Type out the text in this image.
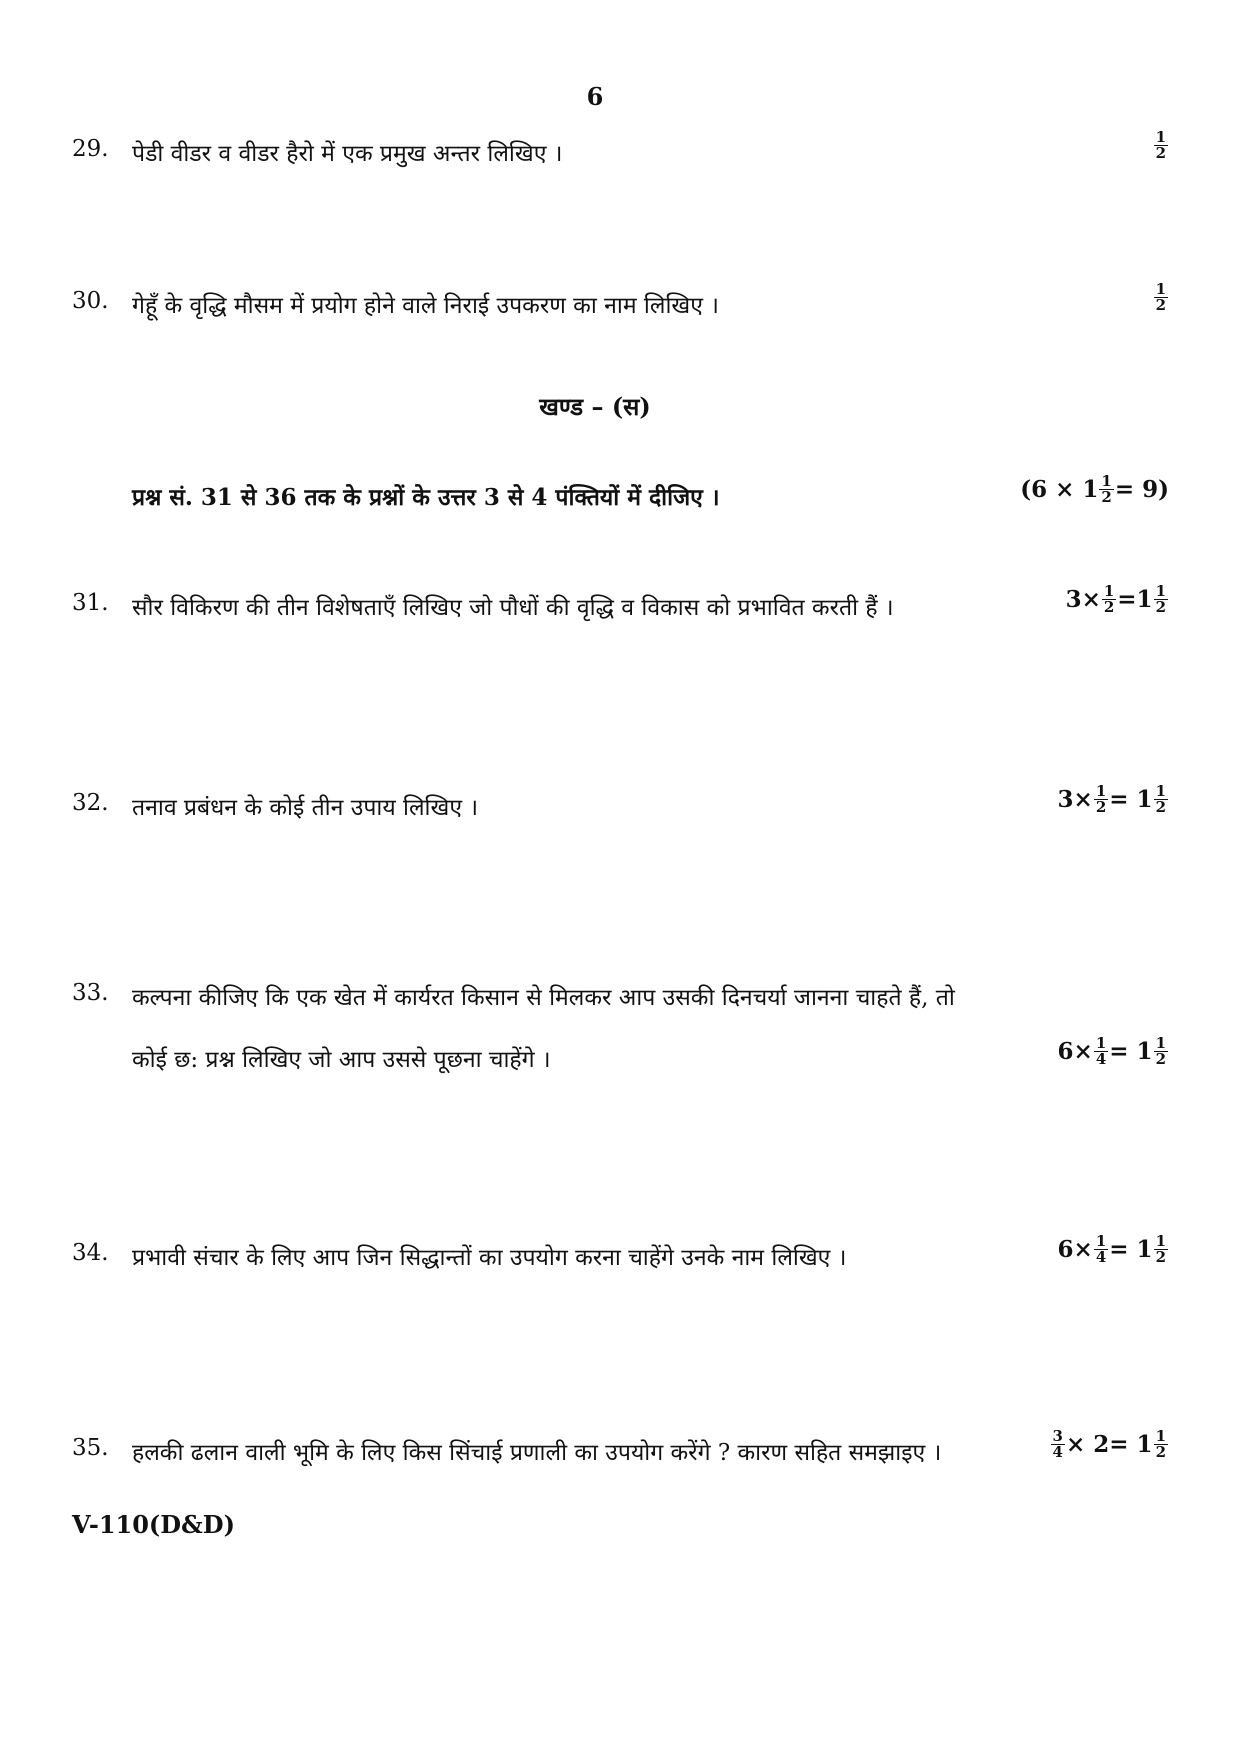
6
29. पेडी वीडर व वीडर हैरो में एक प्रमुख अन्तर लिखिए ।	$\frac{1}{2}$
30. गेहूँ के वृद्धि मौसम में प्रयोग होने वाले निराई उपकरण का नाम लिखिए ।	$\frac{1}{2}$
खण्ड – (स)
प्रश्न सं. 31 से 36 तक के प्रश्नों के उत्तर 3 से 4 पंक्तियों में दीजिए ।	$(6 \times 1 \frac{1}{2} = 9)$
31. सौर विकिरण की तीन विशेषताएँ लिखिए जो पौधों की वृद्धि व विकास को प्रभावित करती हैं ।	$3\times \frac{1}{2} =1 \frac{1}{2}$
32. तनाव प्रबंधन के कोई तीन उपाय लिखिए ।	$3\times \frac{1}{2} = 1 \frac{1}{2}$
33. कल्पना कीजिए कि एक खेत में कार्यरत किसान से मिलकर आप उसकी दिनचर्या जानना चाहते हैं, तो
कोई छ: प्रश्न लिखिए जो आप उससे पूछना चाहेंगे ।	$6\times \frac{1}{4} = 1 \frac{1}{2}$
34. प्रभावी संचार के लिए आप जिन सिद्धान्तों का उपयोग करना चाहेंगे उनके नाम लिखिए ।	$6\times \frac{1}{4} = 1 \frac{1}{2}$
35. हलकी ढलान वाली भूमि के लिए किस सिंचाई प्रणाली का उपयोग करेंगे ? कारण सहित समझाइए ।	$\frac{3}{4} \times 2 = 1 \frac{1}{2}$
V-110(D&D)
